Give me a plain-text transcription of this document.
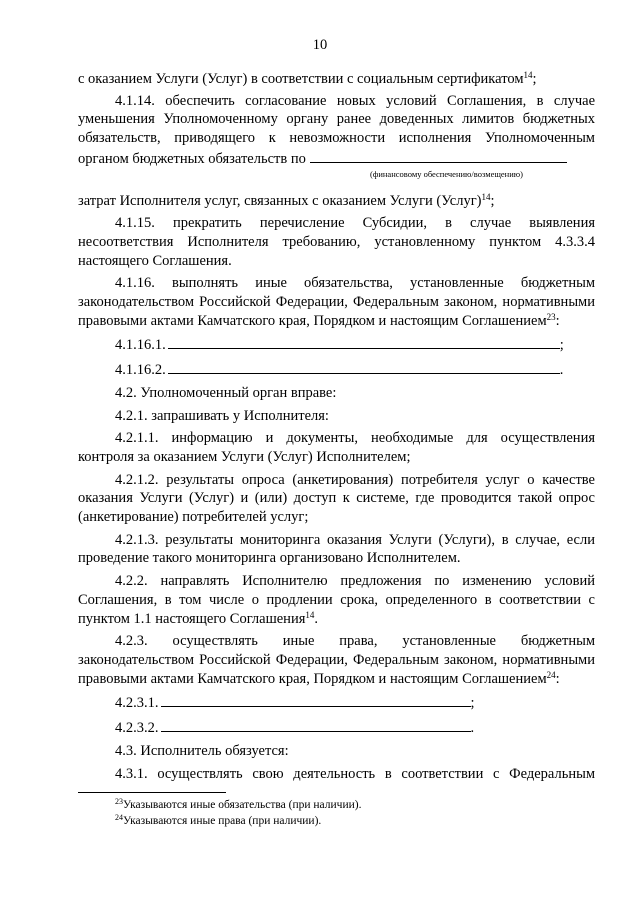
10

с оказанием Услуги (Услуг) в соответствии с социальным сертификатом$^{14}$;

4.1.14. обеспечить согласование новых условий Соглашения, в случае уменьшения Уполномоченному органу ранее доведенных лимитов бюджетных обязательств, приводящего к невозможности исполнения Уполномоченным органом бюджетных обязательств по

(финансовому обеспечению/возмещению)

затрат Исполнителя услуг, связанных с оказанием Услуги (Услуг)$^{14}$;

4.1.15. прекратить перечисление Субсидии, в случае выявления несоответствия Исполнителя требованию, установленному пунктом 4.3.3.4 настоящего Соглашения.

4.1.16. выполнять иные обязательства, установленные бюджетным законодательством Российской Федерации, Федеральным законом, нормативными правовыми актами Камчатского края, Порядком и настоящим Соглашением$^{23}$:

4.1.16.1.	;

4.1.16.2.	.

4.2. Уполномоченный орган вправе:

4.2.1. запрашивать у Исполнителя:

4.2.1.1. информацию и документы, необходимые для осуществления контроля за оказанием Услуги (Услуг) Исполнителем;

4.2.1.2. результаты опроса (анкетирования) потребителя услуг о качестве оказания Услуги (Услуг) и (или) доступ к системе, где проводится такой опрос (анкетирование) потребителей услуг;

4.2.1.3. результаты мониторинга оказания Услуги (Услуги), в случае, если проведение такого мониторинга организовано Исполнителем.

4.2.2. направлять Исполнителю предложения по изменению условий Соглашения, в том числе о продлении срока, определенного в соответствии с пунктом 1.1 настоящего Соглашения$^{14}$.

4.2.3. осуществлять иные права, установленные бюджетным законодательством Российской Федерации, Федеральным законом, нормативными правовыми актами Камчатского края, Порядком и настоящим Соглашением$^{24}$:

4.2.3.1.	;

4.2.3.2.	.

4.3. Исполнитель обязуется:

4.3.1. осуществлять свою деятельность в соответствии с Федеральным

$^{23}$Указываются иные обязательства (при наличии).
$^{24}$Указываются иные права (при наличии).
